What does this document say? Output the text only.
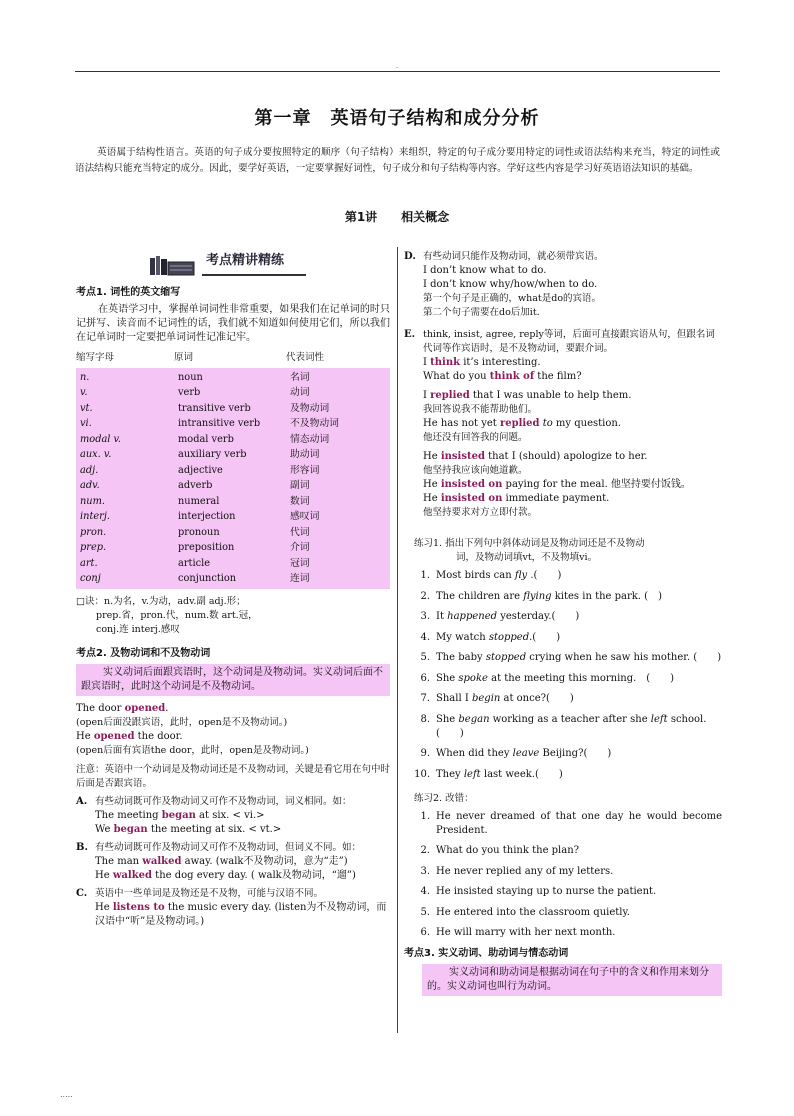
.
第一章　英语句子结构和成分分析
英语属于结构性语言。英语的句子成分要按照特定的顺序（句子结构）来组织，特定的句子成分要用特定的词性或语法结构来充当，特定的词性或语法结构只能充当特定的成分。因此，要学好英语，一定要掌握好词性，句子成分和句子结构等内容。学好这些内容是学习好英语语法知识的基础。
第1讲　　相关概念
考点精讲精练
考点1. 词性的英文缩写

在英语学习中，掌握单词词性非常重要，如果我们在记单词的时只记拼写、读音而不记词性的话，我们就不知道如何使用它们，所以我们在记单词时一定要把单词词性记准记牢。

缩写字母	原词	代表词性
n.	noun	名词
v.	verb	动词
vt.	transitive verb	及物动词
vi.	intransitive verb	不及物动词
modal v.	modal verb	情态动词
aux. v.	auxiliary verb	助动词
adj.	adjective	形容词
adv.	adverb	副词
num.	numeral	数词
interj.	interjection	感叹词
pron.	pronoun	代词
prep.	preposition	介词
art.	article	冠词
conj	conjunction	连词
□诀：n.为名，v.为动，adv.副 adj.形；
prep.省，pron.代，num.数 art.冠，
conj.连 interj.感叹
考点2. 及物动词和不及物动词
实义动词后面跟宾语时，这个动词是及物动词。实义动词后面不跟宾语时，此时这个动词是不及物动词。
The door opened.
(open后面没跟宾语，此时，open是不及物动词。)
He opened the door.
(open后面有宾语the door，此时，open是及物动词。)

注意：英语中一个动词是及物动词还是不及物动词，关键是看它用在句中时后面是否跟宾语。

A. 有些动词既可作及物动词又可作不及物动词，词义相同。如：
The meeting began at six. < vi.>
We began the meeting at six. < vt.>
B. 有些动词既可作及物动词又可作不及物动词，但词义不同。如：
The man walked away. (walk不及物动词，意为“走”)
He walked the dog every day. ( walk及物动词，“遛”)
C. 英语中一些单词是及物还是不及物，可能与汉语不同。
He listens to the music every day. (listen为不及物动词，而汉语中“听”是及物动词。)
D. 有些动词只能作及物动词，就必须带宾语。
I don’t know what to do.
I don’t know why/how/when to do.
第一个句子是正确的，what是do的宾语。
第二个句子需要在do后加it.
E. think, insist, agree, reply等词，后面可直接跟宾语从句，但跟名词代词等作宾语时，是不及物动词，要跟介词。
I think it’s interesting.
What do you think of the film?
I replied that I was unable to help them.
我回答说我不能帮助他们。
He has not yet replied to my question.
他还没有回答我的问题。
He insisted that I (should) apologize to her.
他坚持我应该向她道歉。
He insisted on paying for the meal. 他坚持要付饭钱。
He insisted on immediate payment.
他坚持要求对方立即付款。
练习1. 指出下列句中斜体动词是及物动词还是不及物动
词，及物动词填vt，不及物填vi。
1. Most birds can fly .(　　)
2. The children are flying kites in the park. (　)
3. It happened yesterday.(　　)
4. My watch stopped.(　　)
5. The baby stopped crying when he saw his mother. (　　)
6. She spoke at the meeting this morning.　(　　)
7. Shall I begin at once?(　　)
8. She began working as a teacher after she left school.(　　)
9. When did they leave Beijing?(　　)
10. They left last week.(　　)
练习2. 改错：
1. He never dreamed of that one day he would become President.
2. What do you think the plan?
3. He never replied any of my letters.
4. He insisted staying up to nurse the patient.
5. He entered into the classroom quietly.
6. He will marry with her next month.
考点3. 实义动词、助动词与情态动词
实义动词和助动词是根据动词在句子中的含义和作用来划分的。实义动词也叫行为动词。
.....
